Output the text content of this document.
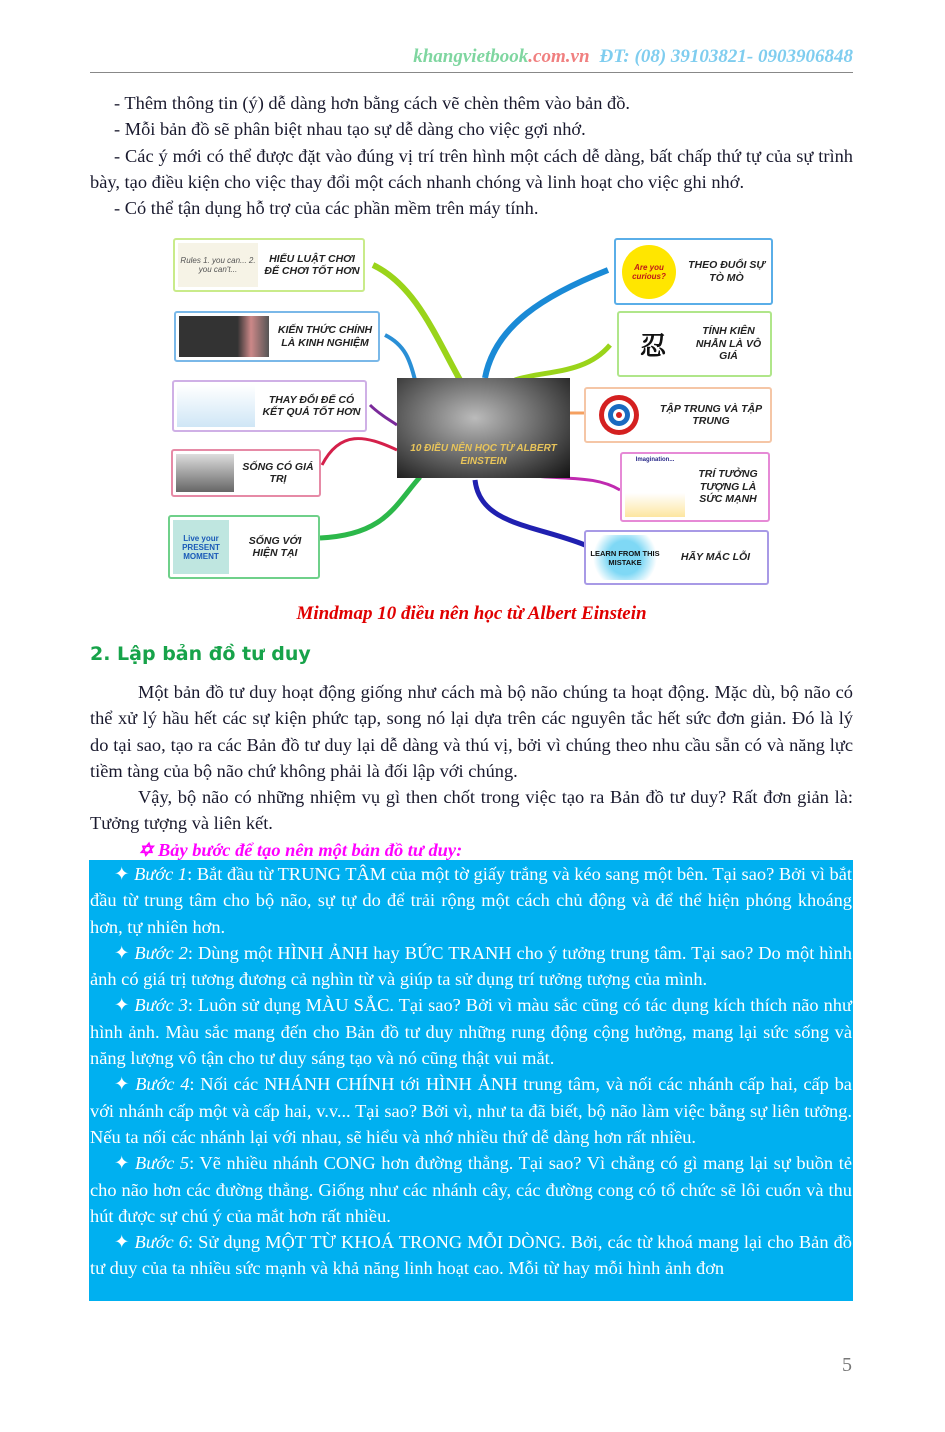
khangvietbook.com.vn ĐT: (08) 39103821- 0903906848

- Thêm thông tin (ý) dễ dàng hơn bằng cách vẽ chèn thêm vào bản đồ.

- Mỗi bản đồ sẽ phân biệt nhau tạo sự dễ dàng cho việc gợi nhớ.

- Các ý mới có thể được đặt vào đúng vị trí trên hình một cách dễ dàng, bất chấp thứ tự của sự trình bày, tạo điều kiện cho việc thay đổi một cách nhanh chóng và linh hoạt cho việc ghi nhớ.

- Có thể tận dụng hỗ trợ của các phần mềm trên máy tính.

10 ĐIỀU NÊN HỌC TỪ ALBERT EINSTEIN
Rules 1. you can... 2. you can't...
HIỂU LUẬT CHƠI ĐỂ CHƠI TỐT HƠN
KIẾN THỨC CHÍNH LÀ KINH NGHIỆM
THAY ĐỔI ĐỂ CÓ KẾT QUẢ TỐT HƠN
SỐNG CÓ GIÁ TRỊ
Live your PRESENT MOMENT
SỐNG VỚI HIỆN TẠI
Are you curious?
THEO ĐUỔI SỰ TÒ MÒ
忍
TÍNH KIÊN NHẪN LÀ VÔ GIÁ
TẬP TRUNG VÀ TẬP TRUNG
Imagination...
TRÍ TƯỞNG TƯỢNG LÀ SỨC MẠNH
LEARN FROM THIS MISTAKE	HÃY MẮC LỖI
Mindmap 10 điều nên học từ Albert Einstein
2. Lập bản đồ tư duy

Một bản đồ tư duy hoạt động giống như cách mà bộ não chúng ta hoạt động. Mặc dù, bộ não có thể xử lý hầu hết các sự kiện phức tạp, song nó lại dựa trên các nguyên tắc hết sức đơn giản. Đó là lý do tại sao, tạo ra các Bản đồ tư duy lại dễ dàng và thú vị, bởi vì chúng theo nhu cầu sẵn có và năng lực tiềm tàng của bộ não chứ không phải là đối lập với chúng.

Vậy, bộ não có những nhiệm vụ gì then chốt trong việc tạo ra Bản đồ tư duy? Rất đơn giản là: Tưởng tượng và liên kết.

✡ Bảy bước để tạo nên một bản đồ tư duy:

✦ Bước 1: Bắt đầu từ TRUNG TÂM của một tờ giấy trắng và kéo sang một bên. Tại sao? Bởi vì bắt đầu từ trung tâm cho bộ não, sự tự do để trải rộng một cách chủ động và để thể hiện phóng khoáng hơn, tự nhiên hơn.

✦ Bước 2: Dùng một HÌNH ẢNH hay BỨC TRANH cho ý tưởng trung tâm. Tại sao? Do một hình ảnh có giá trị tương đương cả nghìn từ và giúp ta sử dụng trí tưởng tượng của mình.

✦ Bước 3: Luôn sử dụng MÀU SẮC. Tại sao? Bởi vì màu sắc cũng có tác dụng kích thích não như hình ảnh. Màu sắc mang đến cho Bản đồ tư duy những rung động cộng hưởng, mang lại sức sống và năng lượng vô tận cho tư duy sáng tạo và nó cũng thật vui mắt.

✦ Bước 4: Nối các NHÁNH CHÍNH tới HÌNH ẢNH trung tâm, và nối các nhánh cấp hai, cấp ba với nhánh cấp một và cấp hai, v.v... Tại sao? Bởi vì, như ta đã biết, bộ não làm việc bằng sự liên tưởng. Nếu ta nối các nhánh lại với nhau, sẽ hiểu và nhớ nhiều thứ dễ dàng hơn rất nhiều.

✦ Bước 5: Vẽ nhiều nhánh CONG hơn đường thẳng. Tại sao? Vì chẳng có gì mang lại sự buồn tẻ cho não hơn các đường thẳng. Giống như các nhánh cây, các đường cong có tổ chức sẽ lôi cuốn và thu hút được sự chú ý của mắt hơn rất nhiều.

✦ Bước 6: Sử dụng MỘT TỪ KHOÁ TRONG MỖI DÒNG. Bởi, các từ khoá mang lại cho Bản đồ tư duy của ta nhiều sức mạnh và khả năng linh hoạt cao. Mỗi từ hay mỗi hình ảnh đơn

5
